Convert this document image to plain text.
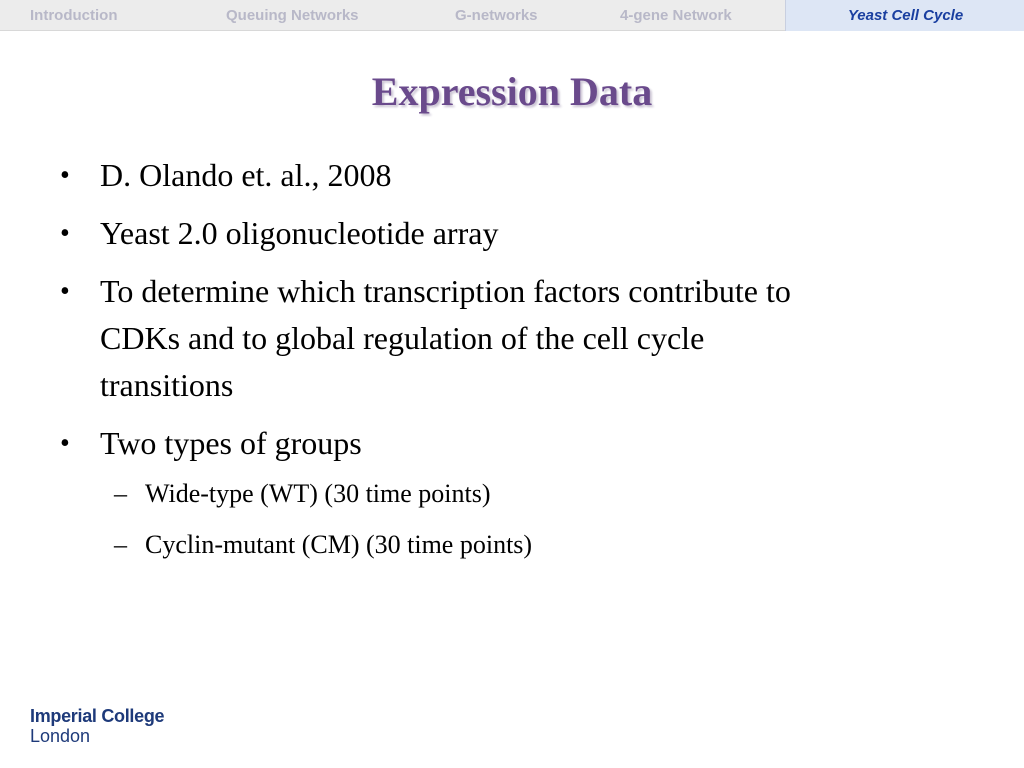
Introduction	Queuing Networks	G-networks	4-gene Network	Yeast Cell Cycle
Expression Data
• D. Olando et. al., 2008
• Yeast 2.0 oligonucleotide array
• To determine which transcription factors contribute to
CDKs and to global regulation of the cell cycle
transitions
• Two types of groups
– Wide-type (WT) (30 time points)
– Cyclin-mutant (CM) (30 time points)
Imperial College
London
